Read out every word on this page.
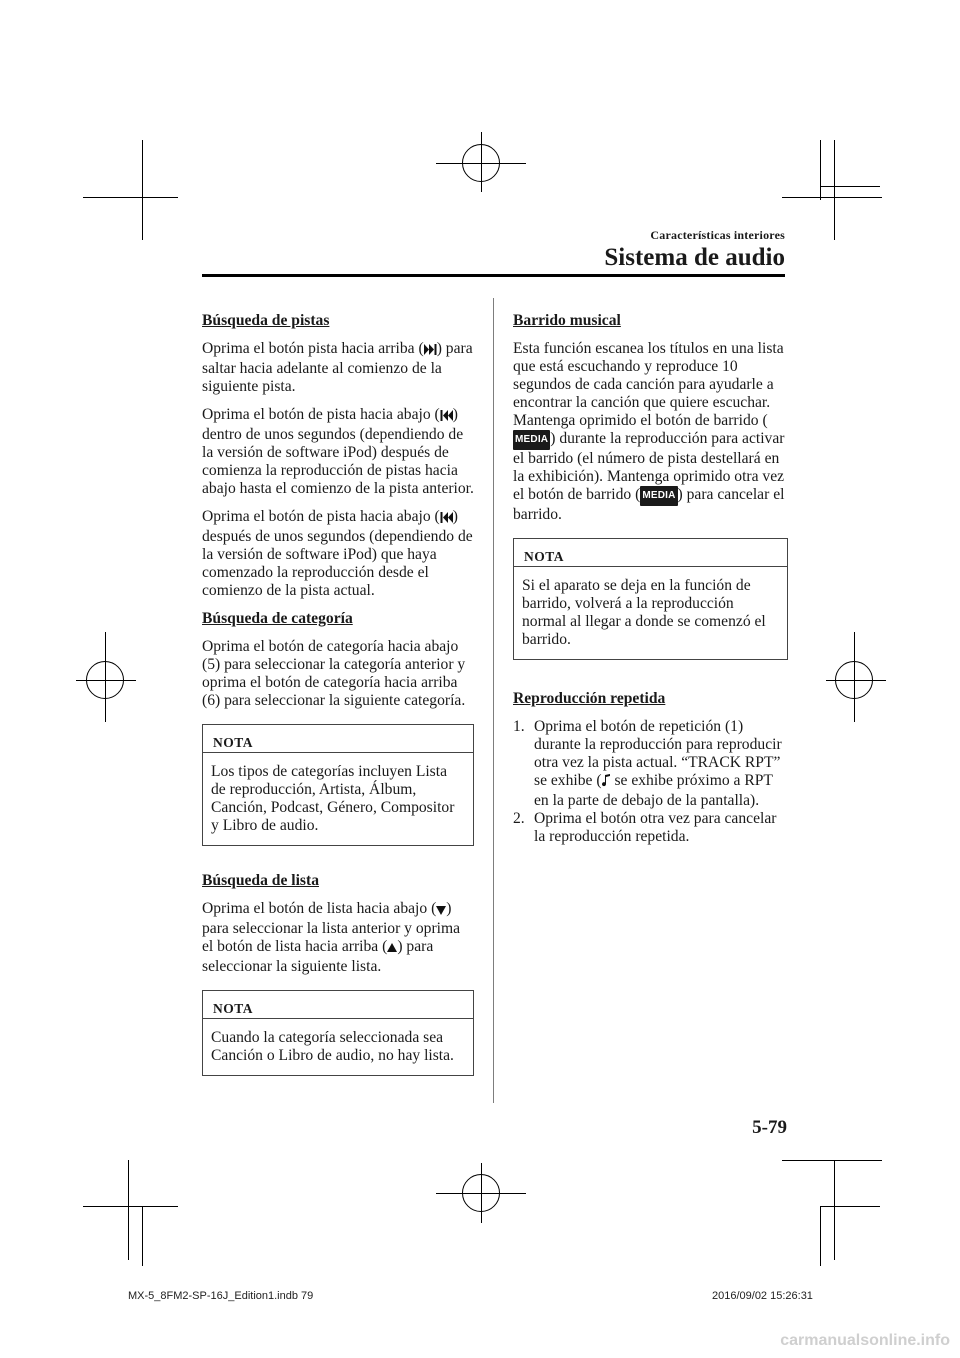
Características interiores
Sistema de audio
Búsqueda de pistas

Oprima el botón pista hacia arriba ( ) para saltar hacia adelante al comienzo de la siguiente pista.

Oprima el botón de pista hacia abajo ( ) dentro de unos segundos (dependiendo de la versión de software iPod) después de comienza la reproducción de pistas hacia abajo hasta el comienzo de la pista anterior.

Oprima el botón de pista hacia abajo ( ) después de unos segundos (dependiendo de la versión de software iPod) que haya comenzado la reproducción desde el comienzo de la pista actual.

Búsqueda de categoría

Oprima el botón de categoría hacia abajo (5) para seleccionar la categoría anterior y oprima el botón de categoría hacia arriba (6) para seleccionar la siguiente categoría.

NOTA
Los tipos de categorías incluyen Lista de reproducción, Artista, Álbum, Canción, Podcast, Género, Compositor y Libro de audio.
Búsqueda de lista

Oprima el botón de lista hacia abajo ( ) para seleccionar la lista anterior y oprima el botón de lista hacia arriba ( ) para seleccionar la siguiente lista.

NOTA
Cuando la categoría seleccionada sea Canción o Libro de audio, no hay lista.
Barrido musical

Esta función escanea los títulos en una lista que está escuchando y reproduce 10 segundos de cada canción para ayudarle a encontrar la canción que quiere escuchar. Mantenga oprimido el botón de barrido (MEDIA ) durante la reproducción para activar el barrido (el número de pista destellará en la exhibición). Mantenga oprimido otra vez el botón de barrido ( MEDIA ) para cancelar el barrido.

NOTA
Si el aparato se deja en la función de barrido, volverá a la reproducción normal al llegar a donde se comenzó el barrido.
Reproducción repetida
1. Oprima el botón de repetición (1) durante la reproducción para reproducir otra vez la pista actual. “TRACK RPT” se exhibe ( se exhibe próximo a RPT en la parte de debajo de la pantalla).
2. Oprima el botón otra vez para cancelar la reproducción repetida.
5-79
MX-5_8FM2-SP-16J_Edition1.indb 79	2016/09/02 15:26:31
carmanualsonline.info
